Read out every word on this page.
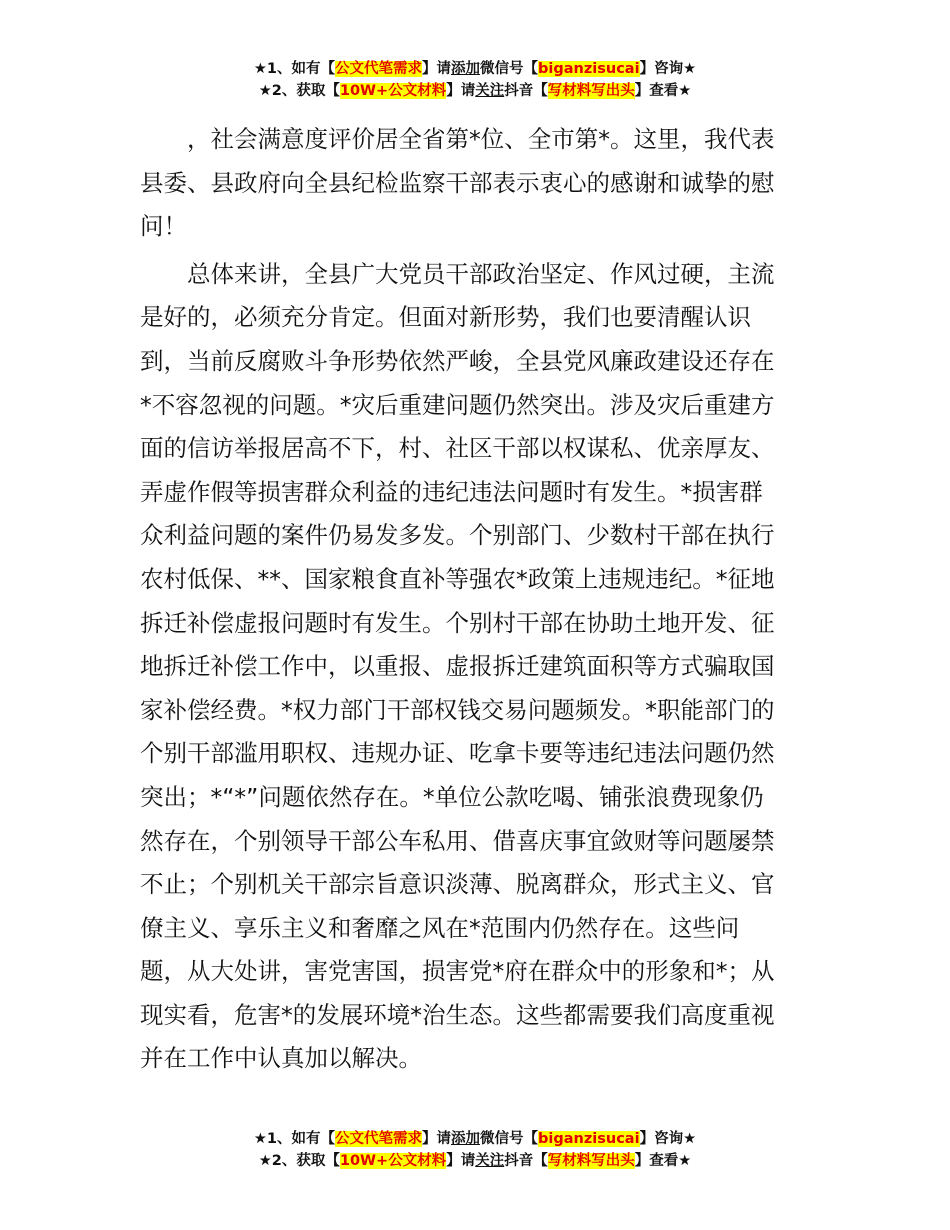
★1、如有【公文代笔需求】请添加微信号【biganzisucai】咨询★
★2、获取【10W+公文材料】请关注抖音【写材料写出头】查看★
，社会满意度评价居全省第*位、全市第*。这里，我代表
县委、县政府向全县纪检监察干部表示衷心的感谢和诚挚的慰
问！
总体来讲，全县广大党员干部政治坚定、作风过硬，主流
是好的，必须充分肯定。但面对新形势，我们也要清醒认识
到，当前反腐败斗争形势依然严峻，全县党风廉政建设还存在
*不容忽视的问题。*灾后重建问题仍然突出。涉及灾后重建方
面的信访举报居高不下，村、社区干部以权谋私、优亲厚友、
弄虚作假等损害群众利益的违纪违法问题时有发生。*损害群
众利益问题的案件仍易发多发。个别部门、少数村干部在执行
农村低保、**、国家粮食直补等强农*政策上违规违纪。*征地
拆迁补偿虚报问题时有发生。个别村干部在协助土地开发、征
地拆迁补偿工作中，以重报、虚报拆迁建筑面积等方式骗取国
家补偿经费。*权力部门干部权钱交易问题频发。*职能部门的
个别干部滥用职权、违规办证、吃拿卡要等违纪违法问题仍然
突出；*“*”问题依然存在。*单位公款吃喝、铺张浪费现象仍
然存在，个别领导干部公车私用、借喜庆事宜敛财等问题屡禁
不止；个别机关干部宗旨意识淡薄、脱离群众，形式主义、官
僚主义、享乐主义和奢靡之风在*范围内仍然存在。这些问
题，从大处讲，害党害国，损害党*府在群众中的形象和*；从
现实看，危害*的发展环境*治生态。这些都需要我们高度重视
并在工作中认真加以解决。
★1、如有【公文代笔需求】请添加微信号【biganzisucai】咨询★
★2、获取【10W+公文材料】请关注抖音【写材料写出头】查看★
